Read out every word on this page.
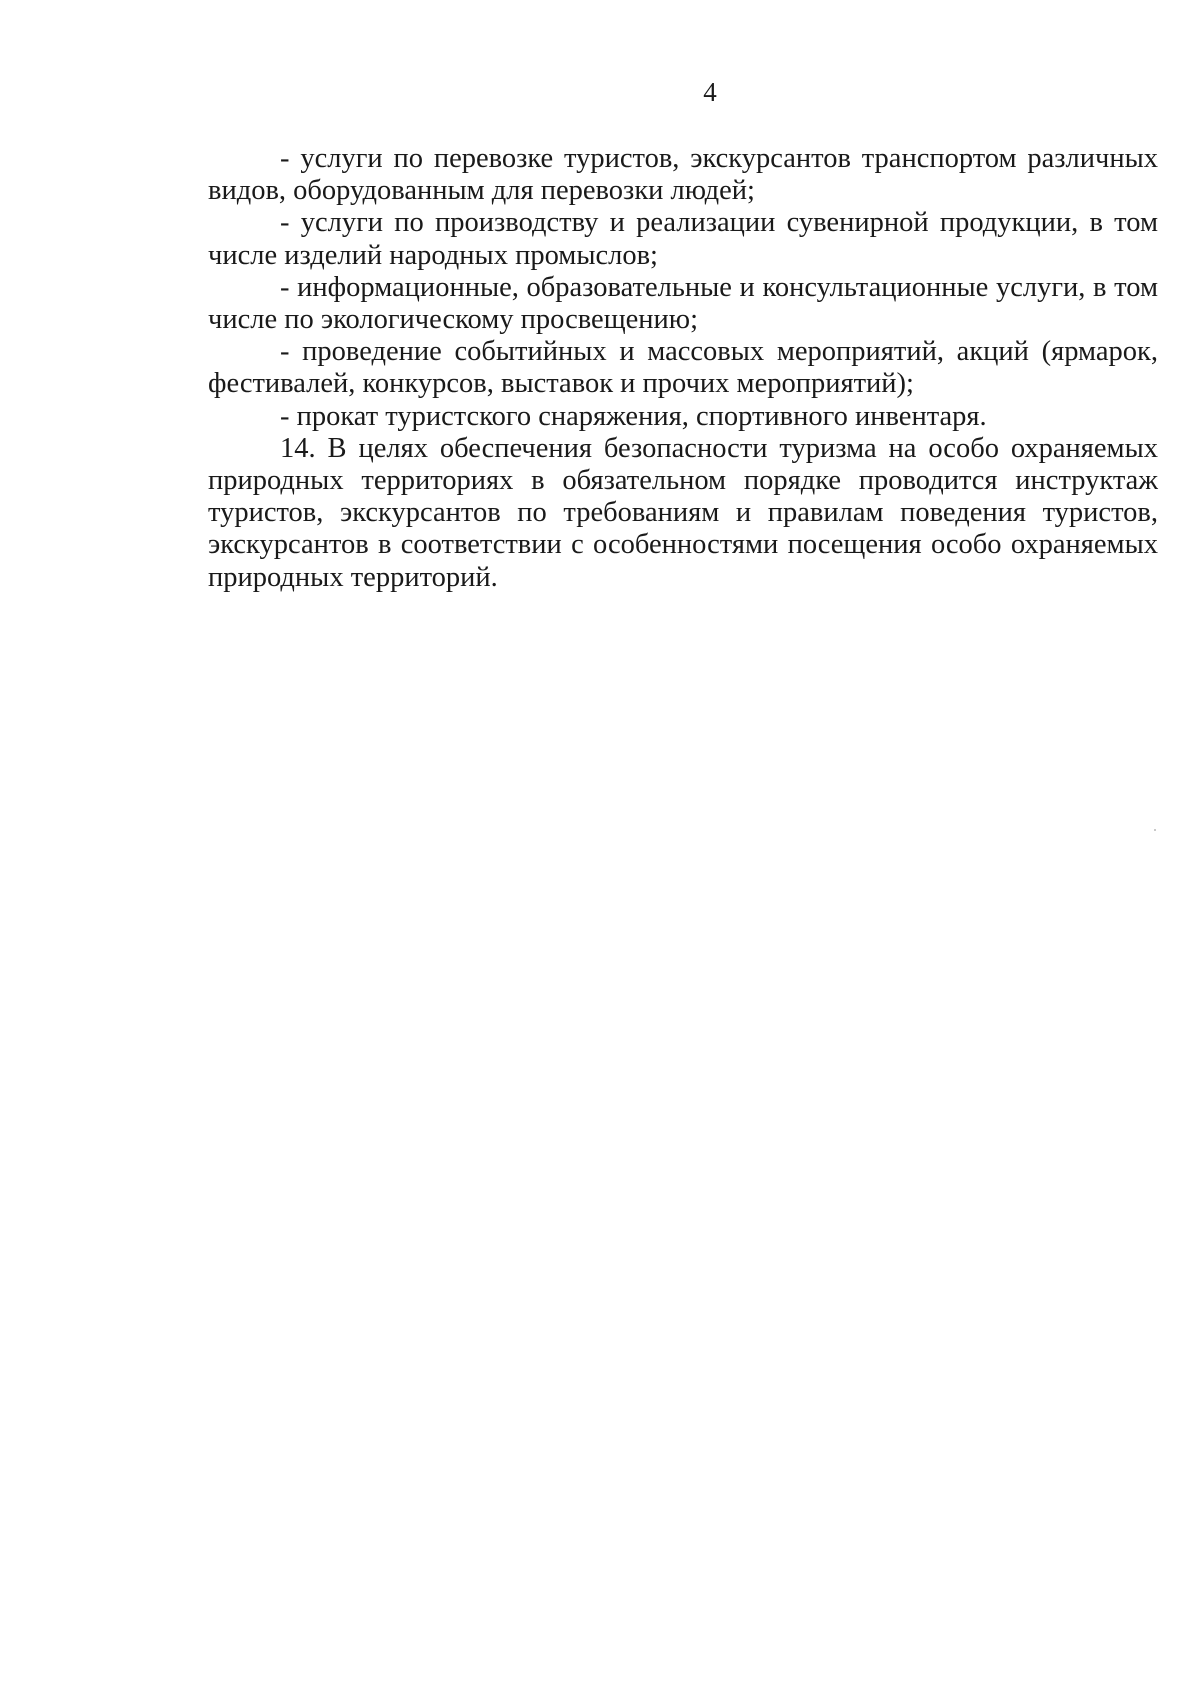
4

- услуги по перевозке туристов, экскурсантов транспортом различных видов, оборудованным для перевозки людей;

- услуги по производству и реализации сувенирной продукции, в том числе изделий народных промыслов;

- информационные, образовательные и консультационные услуги, в том числе по экологическому просвещению;

- проведение событийных и массовых мероприятий, акций (ярмарок, фестивалей, конкурсов, выставок и прочих мероприятий);

- прокат туристского снаряжения, спортивного инвентаря.

14. В целях обеспечения безопасности туризма на особо охраняемых природных территориях в обязательном порядке проводится инструктаж туристов, экскурсантов по требованиям и правилам поведения туристов, экскурсантов в соответствии с особенностями посещения особо охраняемых природных территорий.
